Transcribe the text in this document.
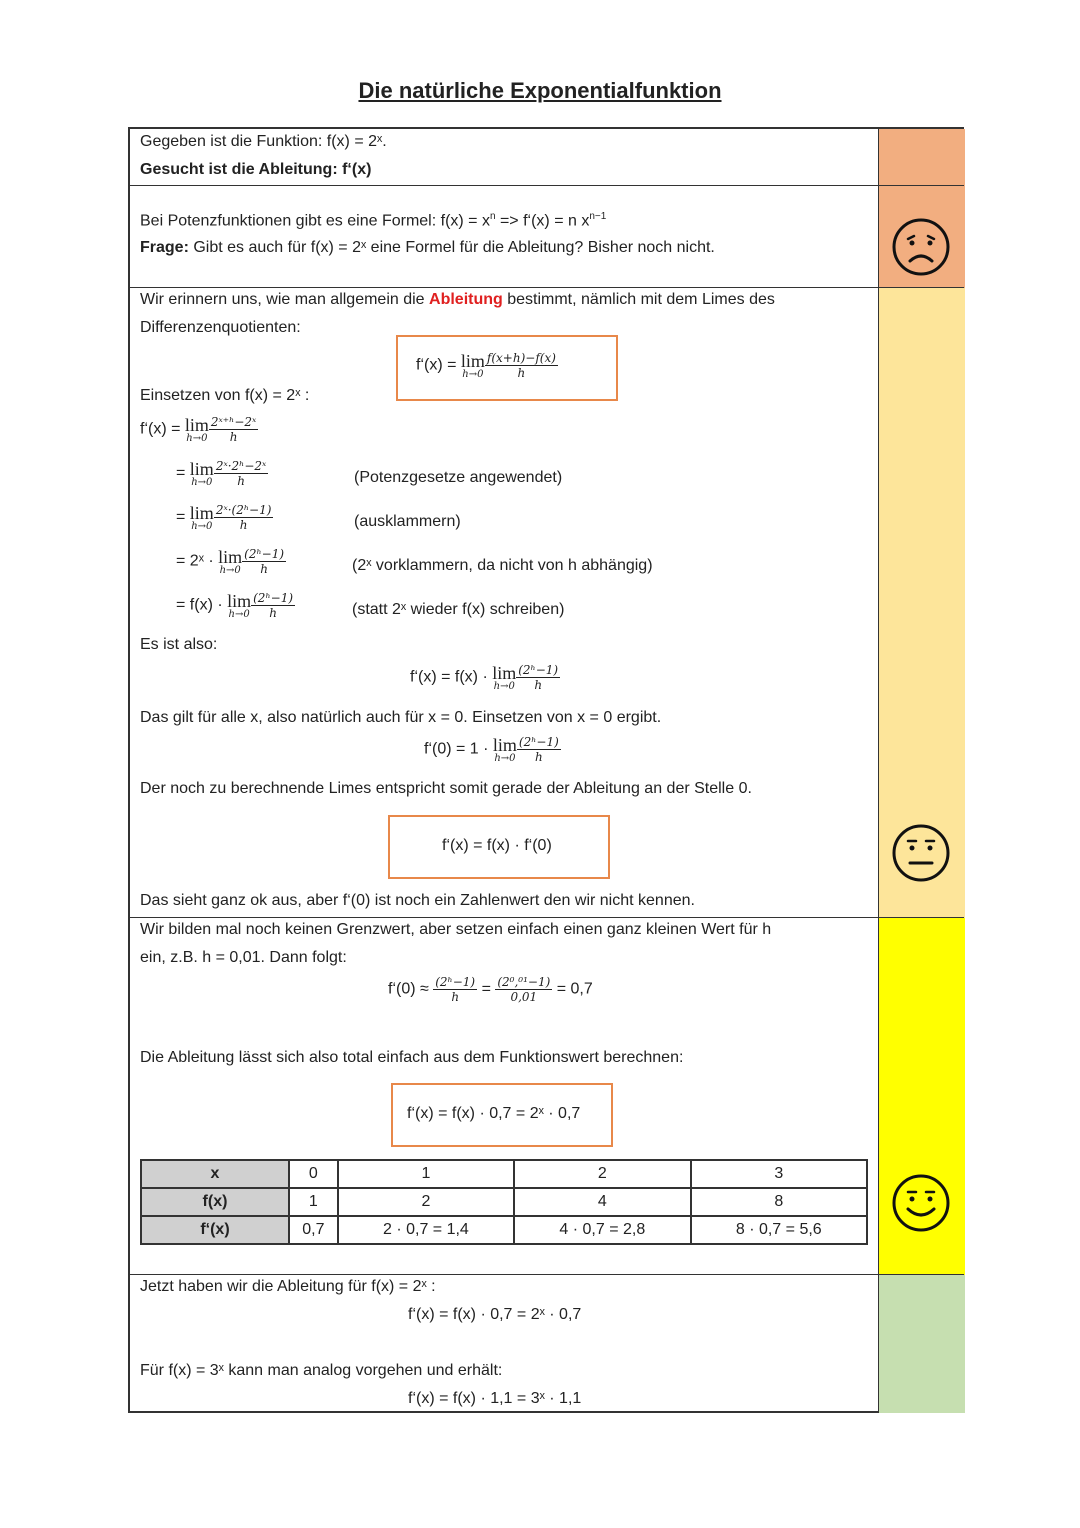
Die natürliche Exponentialfunktion
Gegeben ist die Funktion: f(x) = 2ˣ.
Gesucht ist die Ableitung: f‘(x)
Bei Potenzfunktionen gibt es eine Formel: $f(x) = x^n$ => f‘(x) = n $x^{n-1}$
Frage: Gibt es auch für f(x) = 2ˣ eine Formel für die Ableitung? Bisher noch nicht.
Wir erinnern uns, wie man allgemein die Ableitung bestimmt, nämlich mit dem Limes des
Differenzenquotienten:
f‘(x) = lim
$h\to 0 \frac{f(x+h)-f(x)}{h}$
Einsetzen von f(x) = 2ˣ :
f‘(x) = lim
$h\to 0 \frac{\text{2ˣ⁺ʰ−2ˣ}}{h}$
= lim
$h\to 0 \frac{\text{2ˣ·2ʰ−2ˣ}}{h}$	(Potenzgesetze angewendet)
= lim
$h\to 0 \frac{\text{2ˣ·(2ʰ−1)}}{h}$	(ausklammern)
= 2ˣ · lim
$h\to 0 \frac{\text{(2ʰ−1)}}{h}$	(2ˣ vorklammern, da nicht von h abhängig)
= f(x) · lim
$h\to 0 \frac{\text{(2ʰ−1)}}{h}$	(statt 2ˣ wieder f(x) schreiben)
Es ist also:
f‘(x) = f(x) · lim
$h\to 0 \frac{\text{(2ʰ−1)}}{h}$
Das gilt für alle x, also natürlich auch für x = 0. Einsetzen von x = 0 ergibt.
f‘(0) = 1 · lim
$h\to 0 \frac{\text{(2ʰ−1)}}{h}$
Der noch zu berechnende Limes entspricht somit gerade der Ableitung an der Stelle 0.
f‘(x) = f(x) · f‘(0)
Das sieht ganz ok aus, aber f‘(0) ist noch ein Zahlenwert den wir nicht kennen.
Wir bilden mal noch keinen Grenzwert, aber setzen einfach einen ganz kleinen Wert für h
ein, z.B. h = 0,01. Dann folgt:
f‘(0) ≈ $\frac{\text{(2ʰ−1)}}{h} = \frac{\text{(2⁰,⁰¹−1)}}{0,01} = 0,7$
Die Ableitung lässt sich also total einfach aus dem Funktionswert berechnen:
f‘(x) = f(x) · 0,7 = 2ˣ · 0,7
x	0	1	2	3
f(x)	1	2	4	8
f‘(x)	0,7	2 · 0,7 = 1,4	4 · 0,7 = 2,8	8 · 0,7 = 5,6
Jetzt haben wir die Ableitung für f(x) = 2ˣ :
f‘(x) = f(x) · 0,7 = 2ˣ · 0,7
Für f(x) = 3ˣ kann man analog vorgehen und erhält:
f‘(x) = f(x) · 1,1 = 3ˣ · 1,1
